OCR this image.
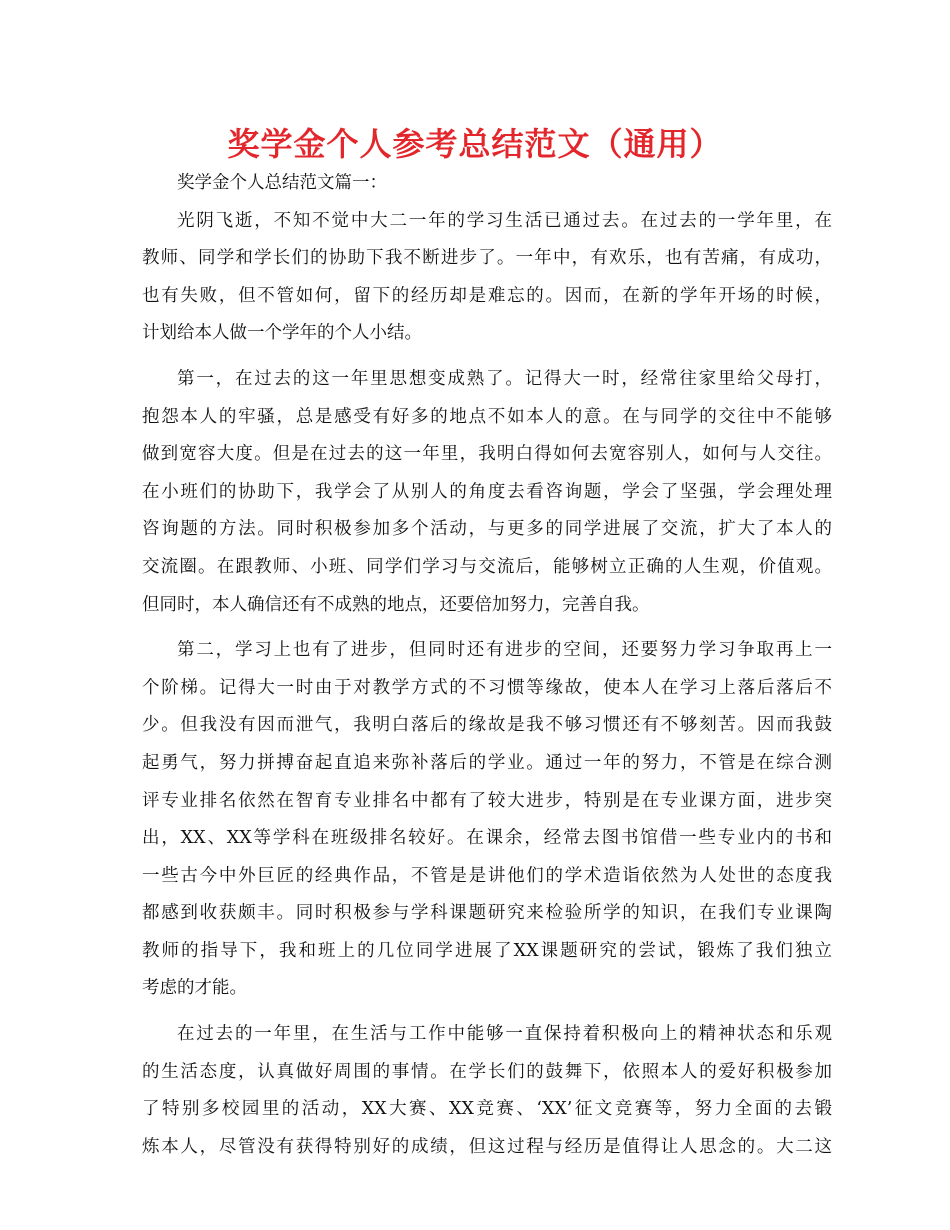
奖学金个人参考总结范文（通用）
奖学金个人总结范文篇一：
光阴飞逝，不知不觉中大二一年的学习生活已通过去。在过去的一学年里，在
教师、同学和学长们的协助下我不断进步了。一年中，有欢乐，也有苦痛，有成功，
也有失败，但不管如何，留下的经历却是难忘的。因而，在新的学年开场的时候，
计划给本人做一个学年的个人小结。
第一，在过去的这一年里思想变成熟了。记得大一时，经常往家里给父母打，
抱怨本人的牢骚，总是感受有好多的地点不如本人的意。在与同学的交往中不能够
做到宽容大度。但是在过去的这一年里，我明白得如何去宽容别人，如何与人交往。
在小班们的协助下，我学会了从别人的角度去看咨询题，学会了坚强，学会理处理
咨询题的方法。同时积极参加多个活动，与更多的同学进展了交流，扩大了本人的
交流圈。在跟教师、小班、同学们学习与交流后，能够树立正确的人生观，价值观。
但同时，本人确信还有不成熟的地点，还要倍加努力，完善自我。
第二，学习上也有了进步，但同时还有进步的空间，还要努力学习争取再上一
个阶梯。记得大一时由于对教学方式的不习惯等缘故，使本人在学习上落后落后不
少。但我没有因而泄气，我明白落后的缘故是我不够习惯还有不够刻苦。因而我鼓
起勇气，努力拼搏奋起直追来弥补落后的学业。通过一年的努力，不管是在综合测
评专业排名依然在智育专业排名中都有了较大进步，特别是在专业课方面，进步突
出，XX、XX等学科在班级排名较好。在课余，经常去图书馆借一些专业内的书和
一些古今中外巨匠的经典作品，不管是是讲他们的学术造诣依然为人处世的态度我
都感到收获颇丰。同时积极参与学科课题研究来检验所学的知识，在我们专业课陶
教师的指导下，我和班上的几位同学进展了XX课题研究的尝试，锻炼了我们独立
考虑的才能。
在过去的一年里，在生活与工作中能够一直保持着积极向上的精神状态和乐观
的生活态度，认真做好周围的事情。在学长们的鼓舞下，依照本人的爱好积极参加
了特别多校园里的活动，XX大赛、XX竞赛、‘XX’征文竞赛等，努力全面的去锻
炼本人，尽管没有获得特别好的成绩，但这过程与经历是值得让人思念的。大二这
